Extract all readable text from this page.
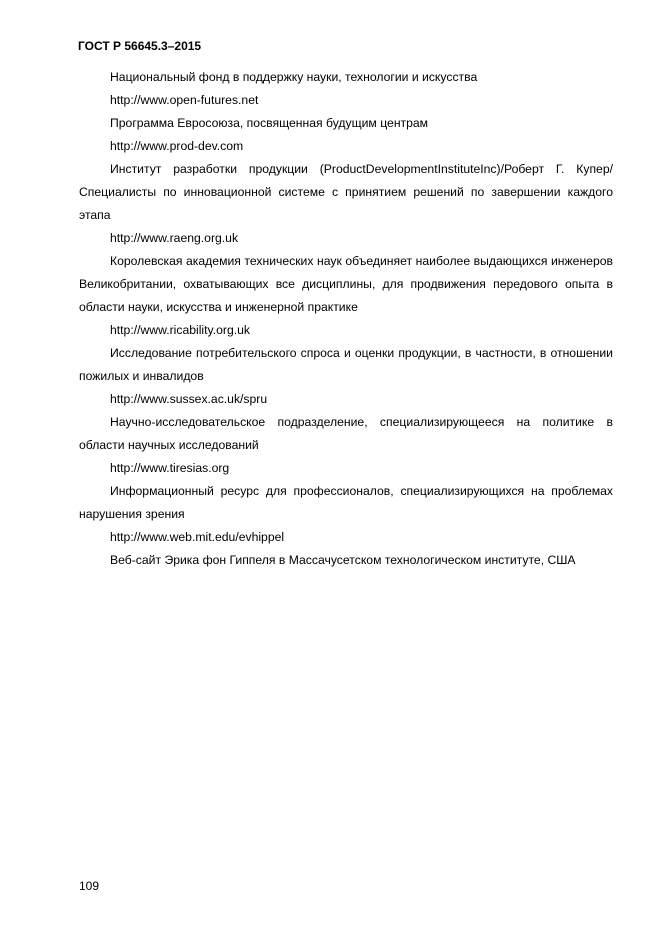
ГОСТ Р 56645.3–2015

Национальный фонд в поддержку науки, технологии и искусства

http://www.open-futures.net

Программа Евросоюза, посвященная будущим центрам

http://www.prod-dev.com

Институт разработки продукции (ProductDevelopmentInstituteInc)/Роберт Г. Купер/Специалисты по инновационной системе с принятием решений по завершении каждого этапа

http://www.raeng.org.uk

Королевская академия технических наук объединяет наиболее выдающихся инженеров Великобритании, охватывающих все дисциплины, для продвижения передового опыта в области науки, искусства и инженерной практике

http://www.ricability.org.uk

Исследование потребительского спроса и оценки продукции, в частности, в отношении пожилых и инвалидов

http://www.sussex.ac.uk/spru

Научно-исследовательское подразделение, специализирующееся на политике в области научных исследований

http://www.tiresias.org

Информационный ресурс для профессионалов, специализирующихся на проблемах нарушения зрения

http://www.web.mit.edu/evhippel

Веб-сайт Эрика фон Гиппеля в Массачусетском технологическом институте, США

109
